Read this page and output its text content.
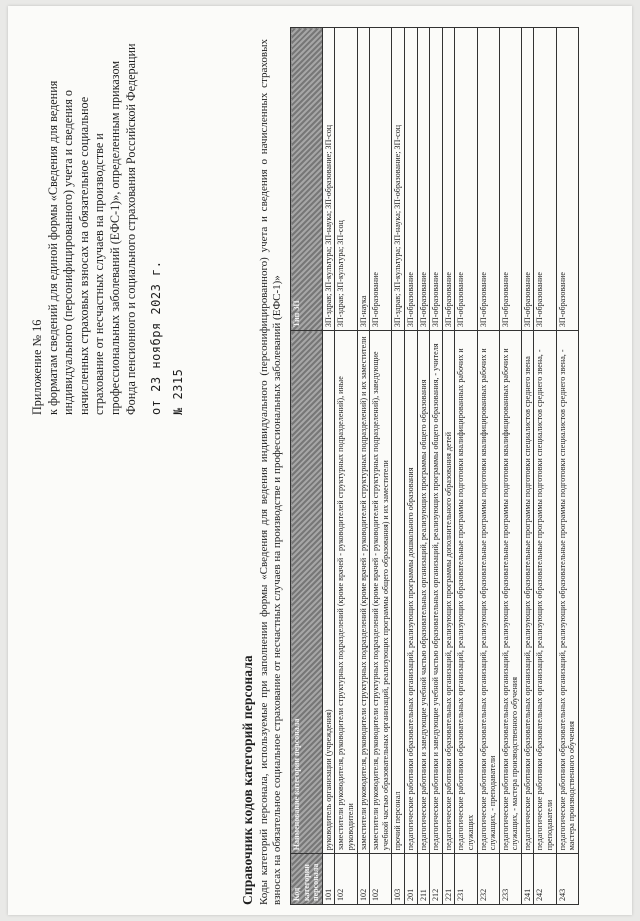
Приложение № 16 к форматам сведений для единой формы «Сведения для ведения индивидуального (персонифицированного) учета и сведения о начисленных страховых взносах на обязательное социальное страхование от несчастных случаев на производстве и профессиональных заболеваний (ЕФС-1)», определенным приказом Фонда пенсионного и социального страхования Российской Федерации от 23 ноября 2023 г. № 2315
Справочник кодов категорий персонала Коды категорий персонала, используемые при заполнении формы «Сведения для ведения индивидуального (персонифицированного) учета и сведения о начисленных страховых взносах на обязательное социальное страхование от несчастных случаев на производстве и профессиональных заболеваний (ЕФС-1)» Код категории персонала	Наименование категории персонала	Тип ЗП
101	руководитель организации (учреждения)	ЗП-здрав; ЗП-культура; ЗП-наука; ЗП-образование; ЗП-соц
102	заместители руководителя, руководители структурных подразделений (кроме врачей - руководителей структурных подразделений), иные руководители	ЗП-здрав; ЗП-культура; ЗП-соц
102	заместители руководителя, руководители структурных подразделений (кроме врачей - руководителей структурных подразделений) и их заместители	ЗП-наука
102	заместители руководителя, руководители структурных подразделений (кроме врачей - руководителей структурных подразделений), заведующие учебной частью образовательных организаций, реализующих программы общего образования) и их заместители	ЗП-образование
103	прочий персонал	ЗП-здрав; ЗП-культура; ЗП-наука; ЗП-образование; ЗП-соц
201	педагогические работники образовательных организаций, реализующих программы дошкольного образования	ЗП-образование
211	педагогические работники и заведующие учебной частью образовательных организаций, реализующих программы общего образования	ЗП-образование
212	педагогические работники и заведующие учебной частью образовательных организаций, реализующих программы общего образования, - учителя	ЗП-образование
221	педагогические работники образовательных организаций, реализующих программы дополнительного образования детей	ЗП-образование
231	педагогические работники образовательных организаций, реализующих образовательные программы подготовки квалифицированных рабочих и служащих	ЗП-образование
232	педагогические работники образовательных организаций, реализующих образовательные программы подготовки квалифицированных рабочих и служащих, - преподаватели	ЗП-образование
233	педагогические работники образовательных организаций, реализующих образовательные программы подготовки квалифицированных рабочих и служащих, - мастера производственного обучения	ЗП-образование
241	педагогические работники образовательных организаций, реализующих образовательные программы подготовки специалистов среднего звена	ЗП-образование
242	педагогические работники образовательных организаций, реализующих образовательные программы подготовки специалистов среднего звена, - преподаватели	ЗП-образование
243	педагогические работники образовательных организаций, реализующих образовательные программы подготовки специалистов среднего звена, - мастера производственного обучения	ЗП-образование
